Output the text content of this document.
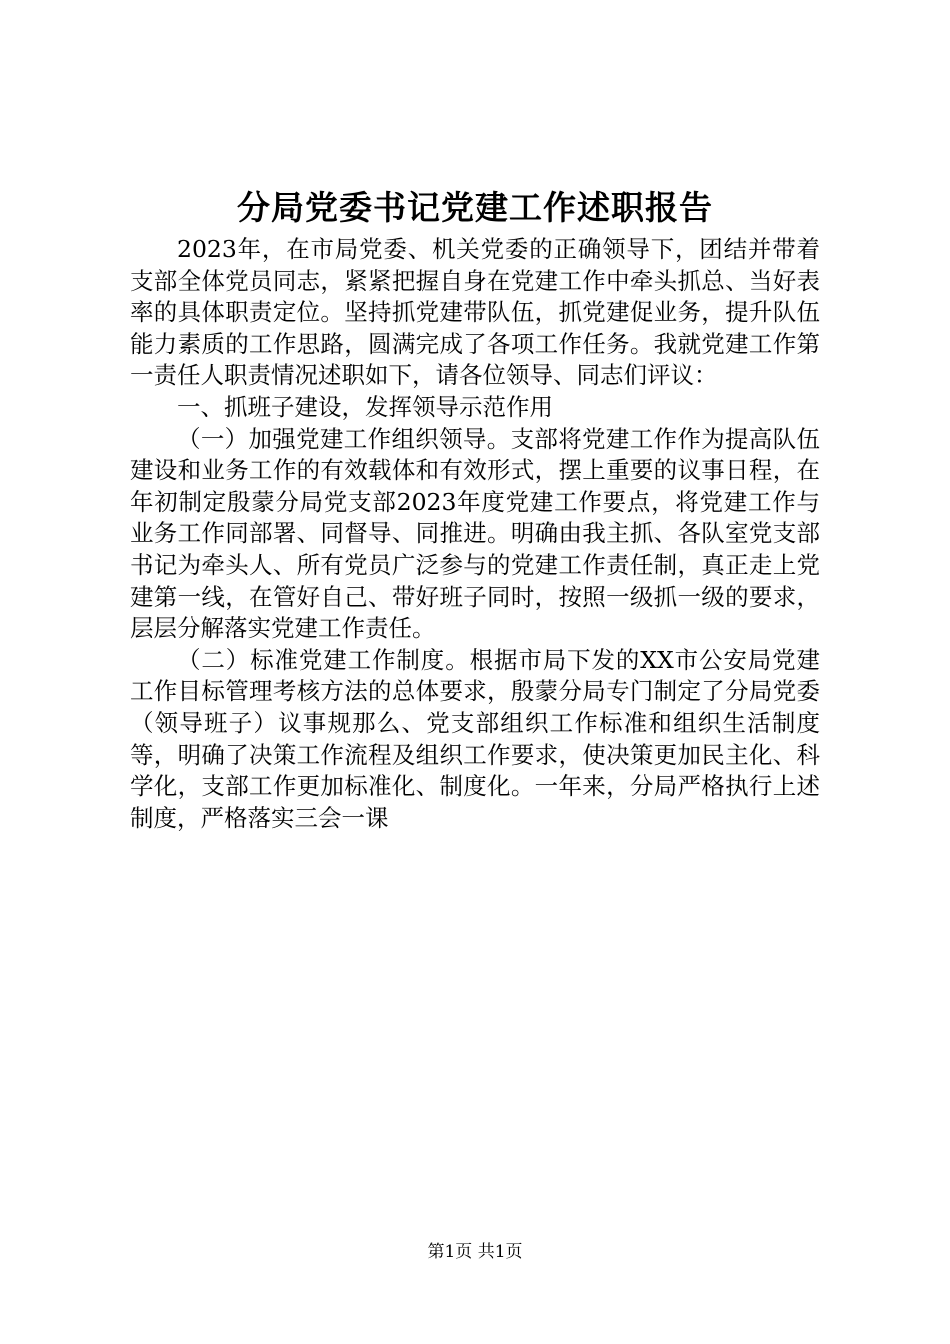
分局党委书记党建工作述职报告

2023年，在市局党委、机关党委的正确领导下，团结并带着支部全体党员同志，紧紧把握自身在党建工作中牵头抓总、当好表率的具体职责定位。坚持抓党建带队伍，抓党建促业务，提升队伍能力素质的工作思路，圆满完成了各项工作任务。我就党建工作第一责任人职责情况述职如下，请各位领导、同志们评议：

一、抓班子建设，发挥领导示范作用

（一）加强党建工作组织领导。支部将党建工作作为提高队伍建设和业务工作的有效载体和有效形式，摆上重要的议事日程，在年初制定殷蒙分局党支部2023年度党建工作要点，将党建工作与业务工作同部署、同督导、同推进。明确由我主抓、各队室党支部书记为牵头人、所有党员广泛参与的党建工作责任制，真正走上党建第一线，在管好自己、带好班子同时，按照一级抓一级的要求，层层分解落实党建工作责任。

（二）标准党建工作制度。根据市局下发的XX市公安局党建工作目标管理考核方法的总体要求，殷蒙分局专门制定了分局党委（领导班子）议事规那么、党支部组织工作标准和组织生活制度等，明确了决策工作流程及组织工作要求，使决策更加民主化、科学化，支部工作更加标准化、制度化。一年来，分局严格执行上述制度，严格落实三会一课

第1页 共1页
